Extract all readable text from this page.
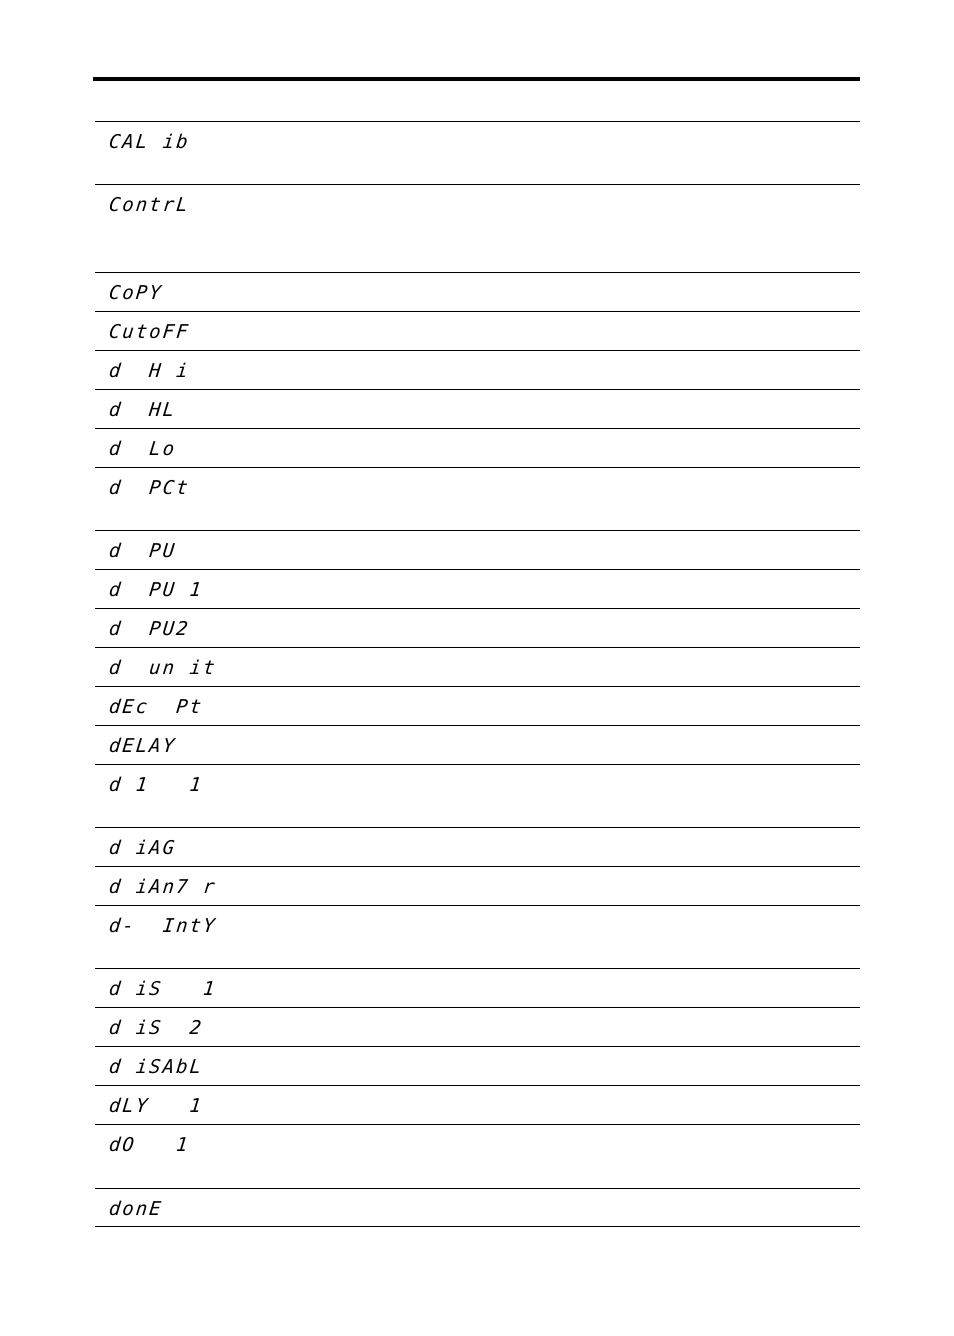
CAL ib
ContrL
CoPY
CutoFF
d  H i
d  HL
d  Lo
d  PCt
d  PU
d  PU 1
d  PU2
d  un it
dEc  Pt
dELAY
d 1   1
d iAG
d iAn7 r
d-  IntY
d iS   1
d iS  2
d iSAbL
dLY   1
dO   1
donE
